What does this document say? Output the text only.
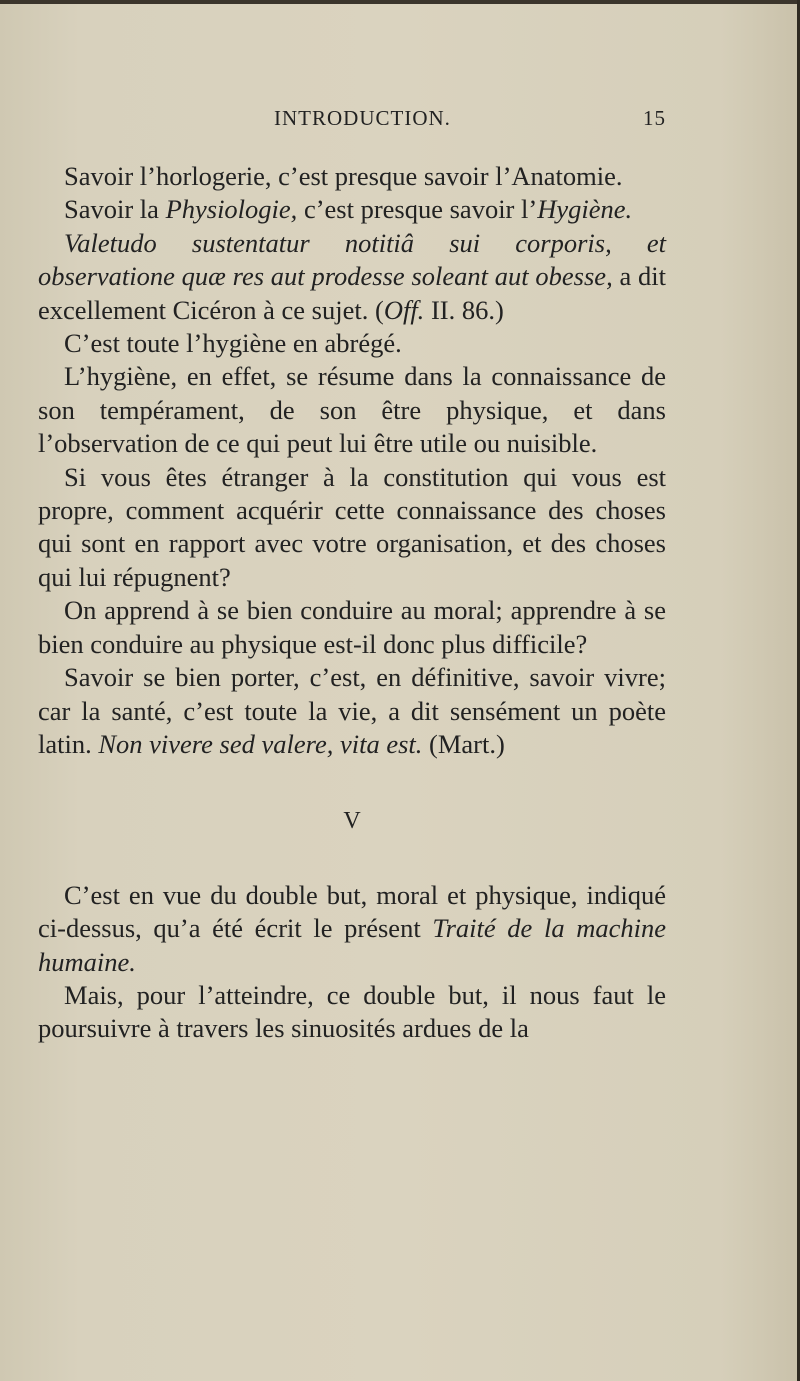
INTRODUCTION.	15

Savoir l’horlogerie, c’est presque savoir l’Anatomie.

Savoir la Physiologie, c’est presque savoir l’Hygiène.

Valetudo sustentatur notitiâ sui corporis, et observatione quæ res aut prodesse soleant aut obesse, a dit excellement Cicéron à ce sujet. (Off. II. 86.)

C’est toute l’hygiène en abrégé.

L’hygiène, en effet, se résume dans la connaissance de son tempérament, de son être physique, et dans l’observation de ce qui peut lui être utile ou nuisible.

Si vous êtes étranger à la constitution qui vous est propre, comment acquérir cette connaissance des choses qui sont en rapport avec votre organisation, et des choses qui lui répugnent?

On apprend à se bien conduire au moral; apprendre à se bien conduire au physique est-il donc plus difficile?

Savoir se bien porter, c’est, en définitive, savoir vivre; car la santé, c’est toute la vie, a dit sensément un poète latin. Non vivere sed valere, vita est. (Mart.)

V

C’est en vue du double but, moral et physique, indiqué ci-dessus, qu’a été écrit le présent Traité de la machine humaine.

Mais, pour l’atteindre, ce double but, il nous faut le poursuivre à travers les sinuosités ardues de la
